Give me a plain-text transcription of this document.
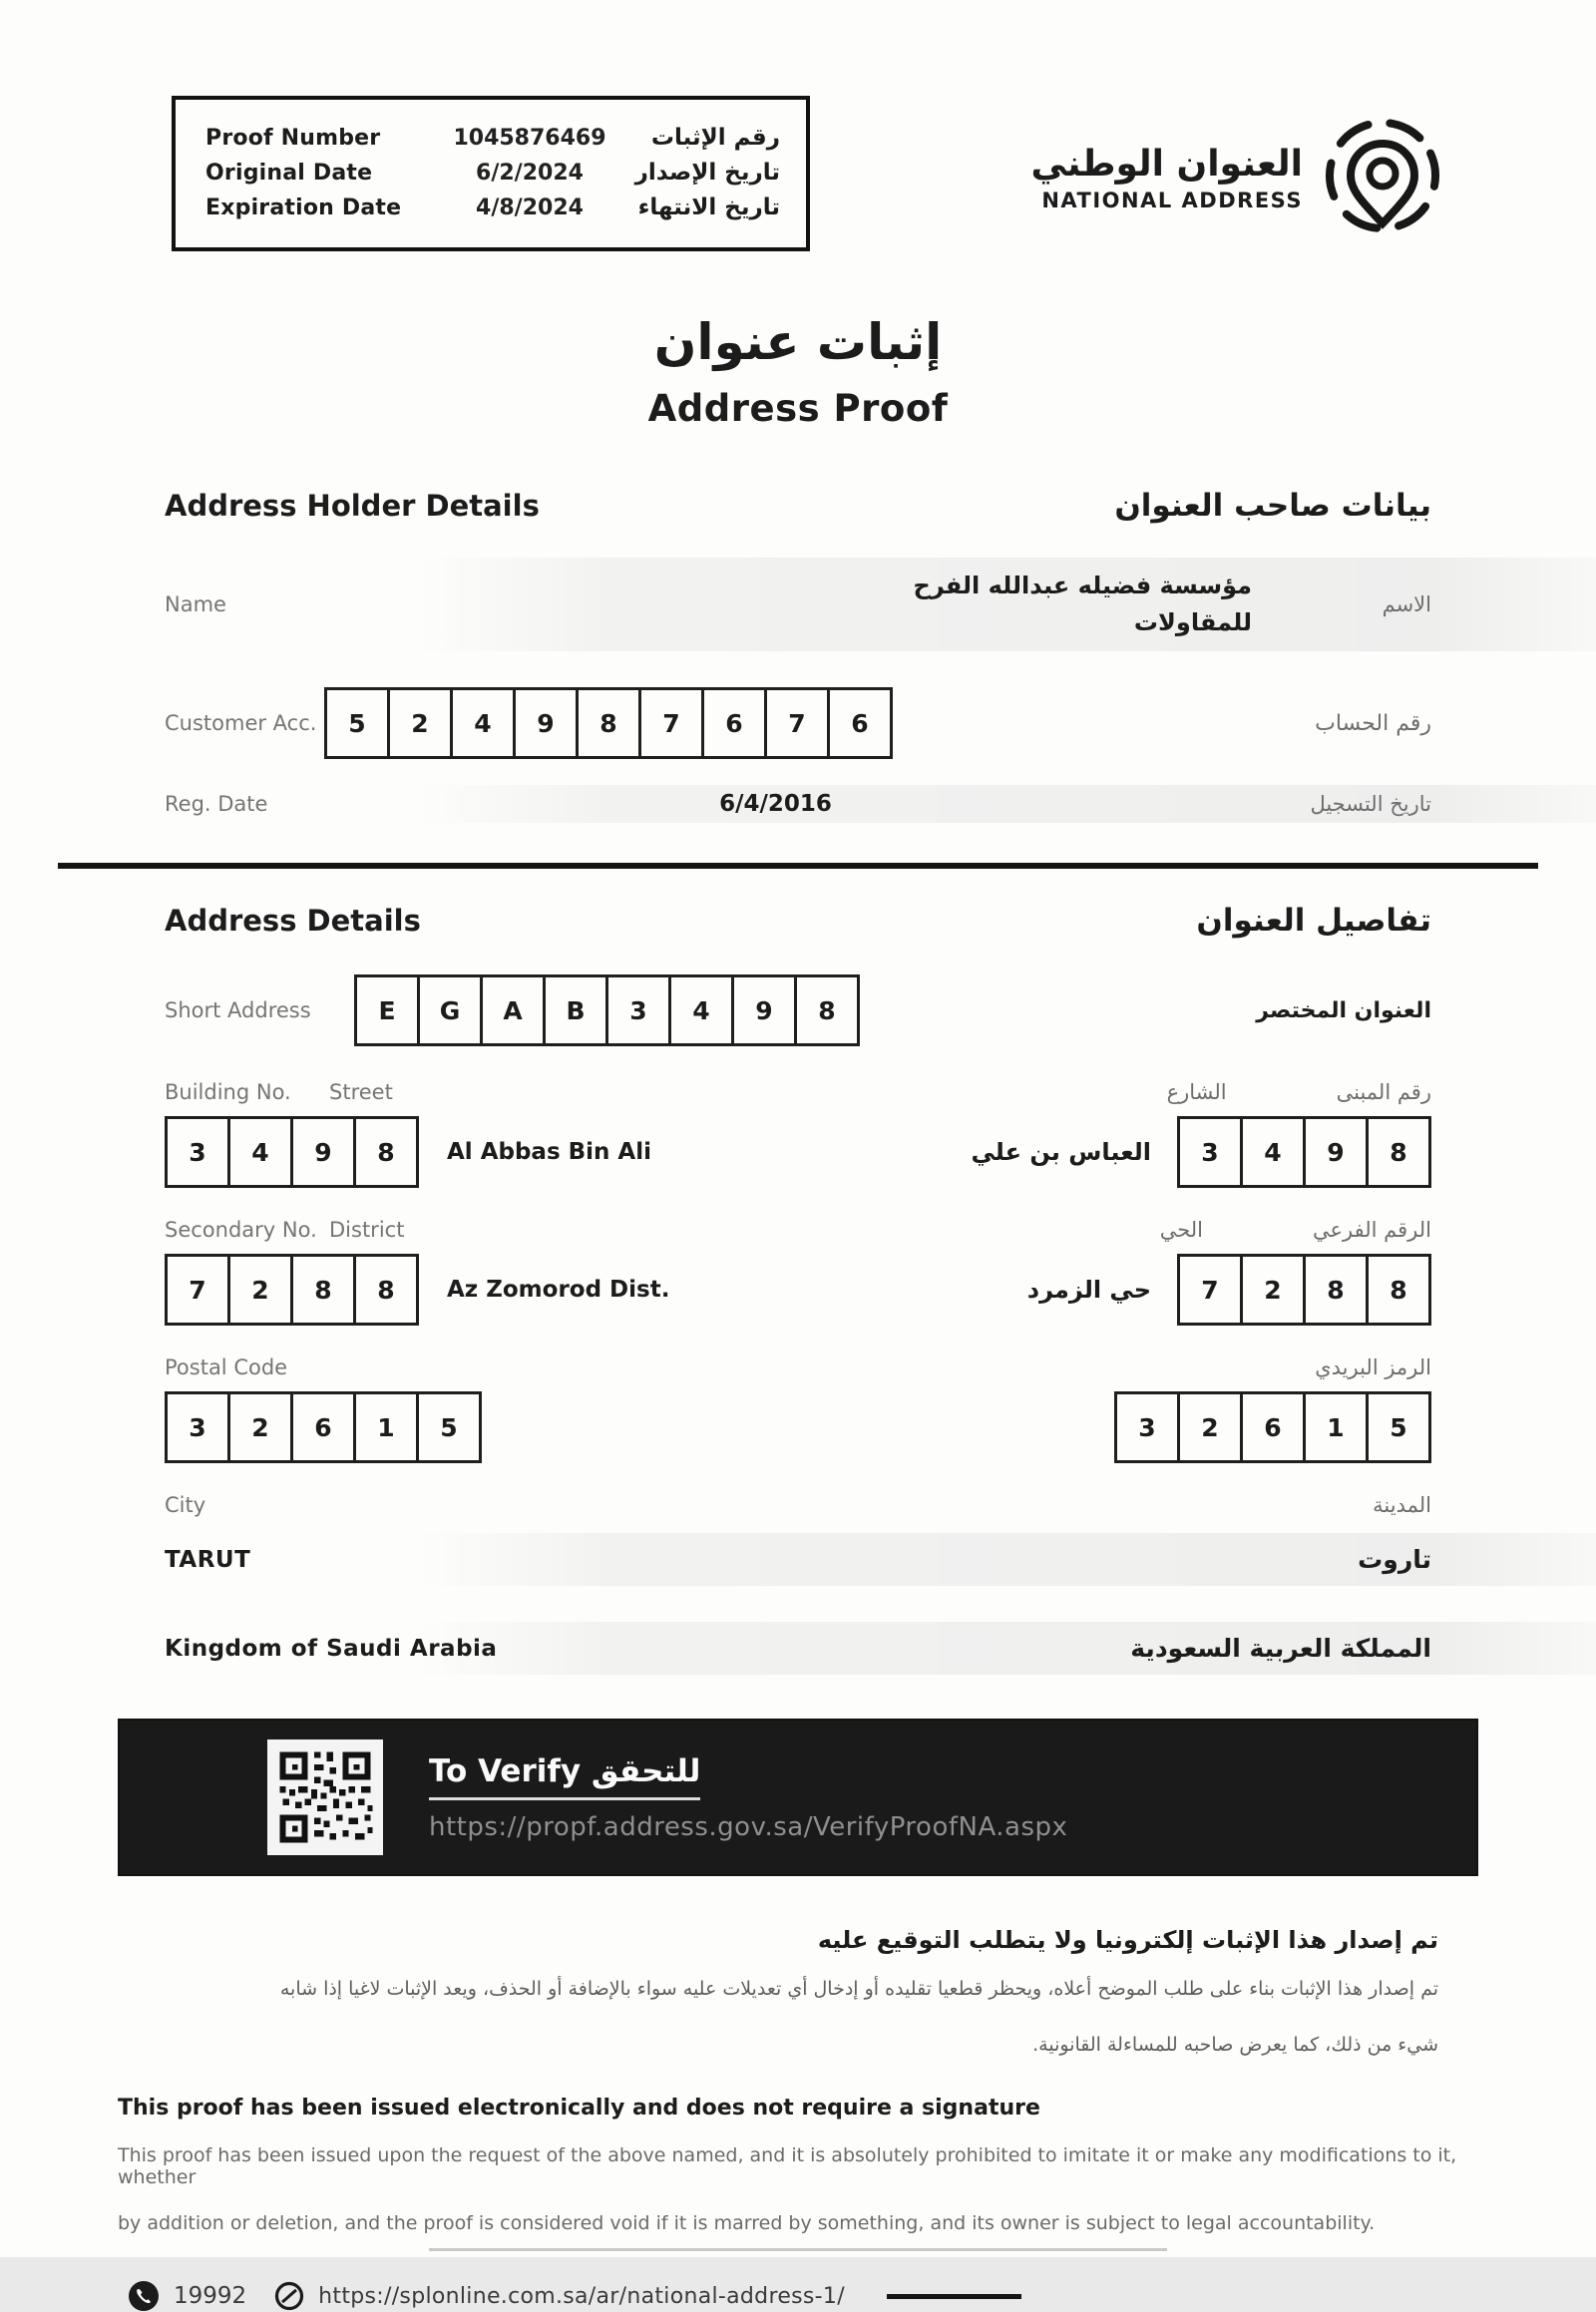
Proof Number	1045876469	رقم الإثبات
Original Date	6/2/2024	تاريخ الإصدار
Expiration Date	4/8/2024	تاريخ الانتهاء
العنوان الوطني
NATIONAL ADDRESS
إثبات عنوان
Address Proof
Address Holder Details	بيانات صاحب العنوان
Name
مؤسسة فضيله عبدالله الفرح
للمقاولات
الاسم
Customer Acc.	5	2	4	9	8	7	6	7	6	رقم الحساب
Reg. Date	6/4/2016	تاريخ التسجيل
Address Details	تفاصيل العنوان
Short Address	E	G	A	B	3	4	9	8	العنوان المختصر
Building No.	Street	الشارع	رقم المبنى
3	4	9	8	Al Abbas Bin Ali	العباس بن علي	3	4	9	8
Secondary No. District	الحي	الرقم الفرعي
7	2	8	8	Az Zomorod Dist.	حي الزمرد	7	2	8	8
Postal Code	الرمز البريدي
3	2	6	1	5	3	2	6	1	5
City	المدينة
TARUT	تاروت
Kingdom of Saudi Arabia	المملكة العربية السعودية
To Verify للتحقق
https://propf.address.gov.sa/VerifyProofNA.aspx
تم إصدار هذا الإثبات إلكترونيا ولا يتطلب التوقيع عليه
تم إصدار هذا الإثبات بناء على طلب الموضح أعلاه، ويحظر قطعيا تقليده أو إدخال أي تعديلات عليه سواء بالإضافة أو الحذف، ويعد الإثبات لاغيا إذا شابه
شيء من ذلك، كما يعرض صاحبه للمساءلة القانونية.
This proof has been issued electronically and does not require a signature
This proof has been issued upon the request of the above named, and it is absolutely prohibited to imitate it or make any modifications to it, whether
by addition or deletion, and the proof is considered void if it is marred by something, and its owner is subject to legal accountability.
19992	https://splonline.com.sa/ar/national-address-1/
